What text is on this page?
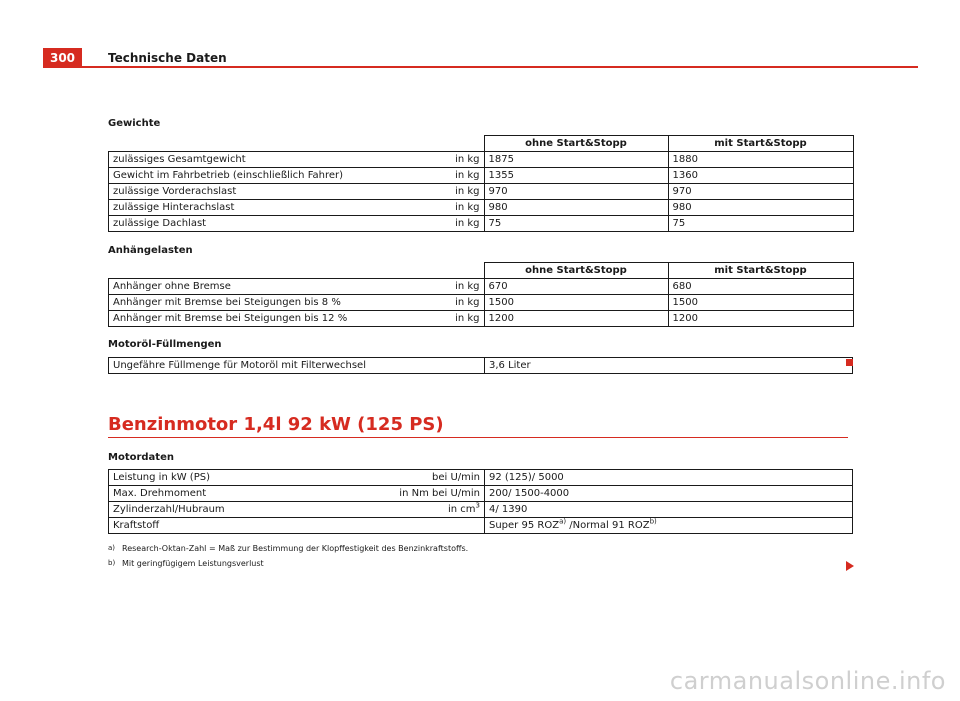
300	Technische Daten
Gewichte
	ohne Start&Stopp	mit Start&Stopp

zulässiges Gesamtgewicht in kg	1875	1880

Gewicht im Fahrbetrieb (einschließlich Fahrer) in kg	1355	1360

zulässige Vorderachslast in kg	970	970

zulässige Hinterachslast in kg	980	980

zulässige Dachlast in kg	75	75
Anhängelasten
	ohne Start&Stopp	mit Start&Stopp

Anhänger ohne Bremse in kg	670	680

Anhänger mit Bremse bei Steigungen bis 8 % in kg	1500	1500

Anhänger mit Bremse bei Steigungen bis 12 % in kg	1200	1200
Motoröl-Füllmengen
Ungefähre Füllmenge für Motoröl mit Filterwechsel	3,6 Liter
Benzinmotor 1,4l 92 kW (125 PS)
Motordaten
Leistung in kW (PS) bei U/min	92 (125)/ 5000

Max. Drehmoment in Nm bei U/min	200/ 1500-4000

Zylinderzahl/Hubraum in $cm^3$	4/ 1390

Kraftstoff	Super 95 ROZ$^{a)}$ /Normal 91 ROZ$^{b)}$
a) Research-Oktan-Zahl = Maß zur Bestimmung der Klopffestigkeit des Benzinkraftstoffs.
b) Mit geringfügigem Leistungsverlust
carmanualsonline.info
